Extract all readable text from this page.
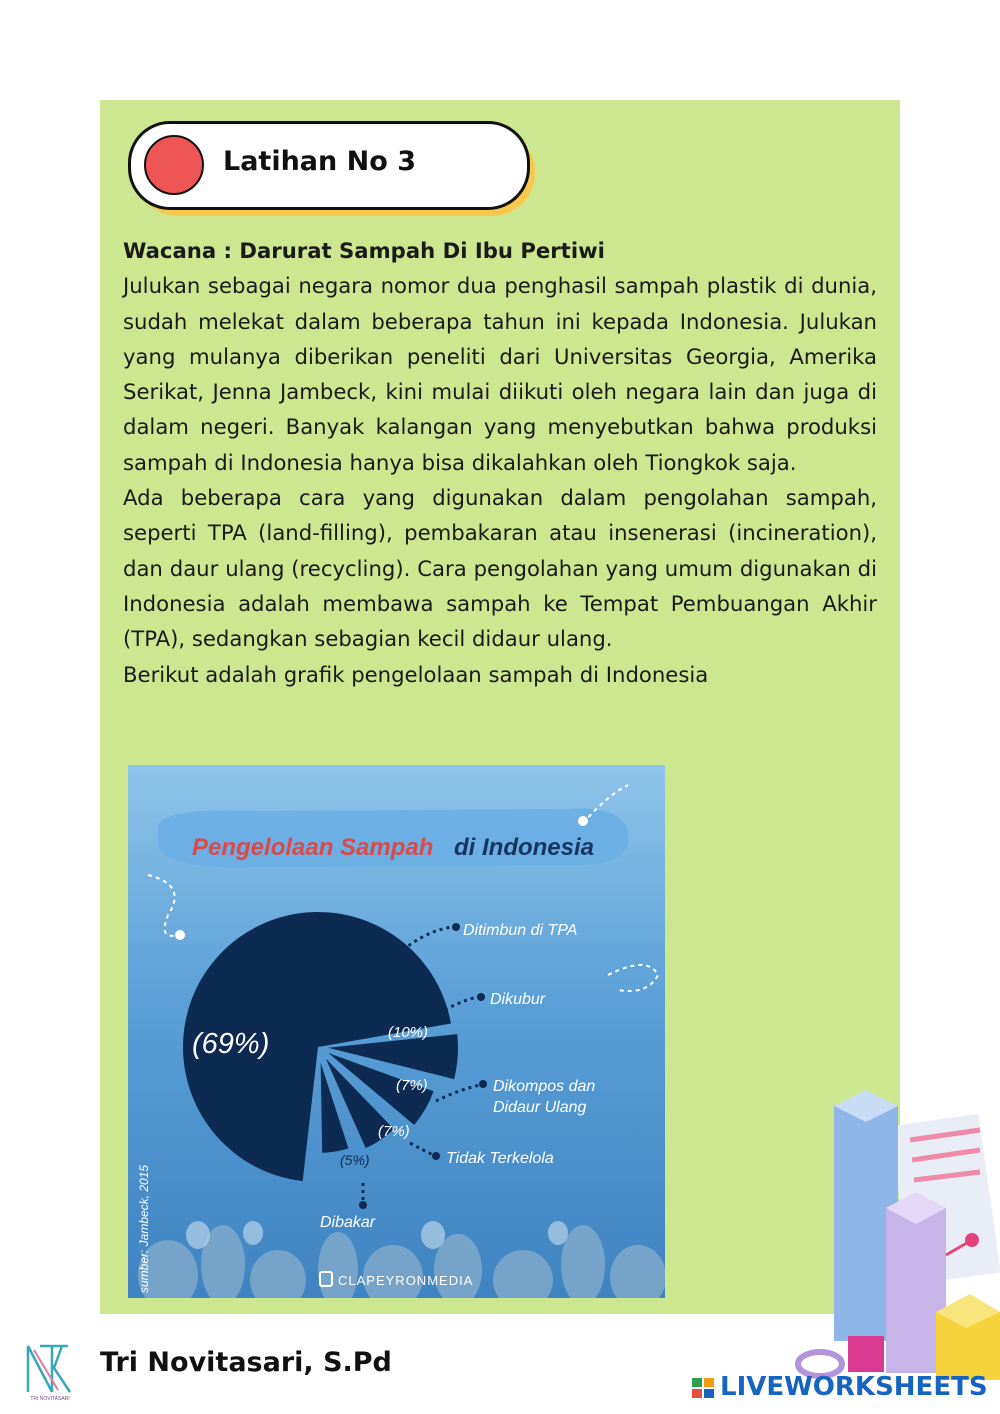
Latihan No 3

Wacana : Darurat Sampah Di Ibu Pertiwi

Julukan sebagai negara nomor dua penghasil sampah plastik di dunia, sudah melekat dalam beberapa tahun ini kepada Indonesia. Julukan yang mulanya diberikan peneliti dari Universitas Georgia, Amerika Serikat, Jenna Jambeck, kini mulai diikuti oleh negara lain dan juga di dalam negeri. Banyak kalangan yang menyebutkan bahwa produksi sampah di Indonesia hanya bisa dikalahkan oleh Tiongkok saja.

Ada beberapa cara yang digunakan dalam pengolahan sampah, seperti TPA (land-filling), pembakaran atau insenerasi (incineration), dan daur ulang (recycling). Cara pengolahan yang umum digunakan di Indonesia adalah membawa sampah ke Tempat Pembuangan Akhir (TPA), sedangkan sebagian kecil didaur ulang.

Berikut adalah grafik pengelolaan sampah di Indonesia

Pengelolaan Sampah di Indonesia
(69%)	(10%)
(7%)
(7%)
(5%)
Ditimbun di TPA
Dikubur
Dikompos dan
Didaur Ulang
Tidak Terkelola
Dibakar
sumber: Jambeck, 2015	CLAPEYRONMEDIA
TRI NOVITASARI
Tri Novitasari, S.Pd
LIVEWORKSHEETS
